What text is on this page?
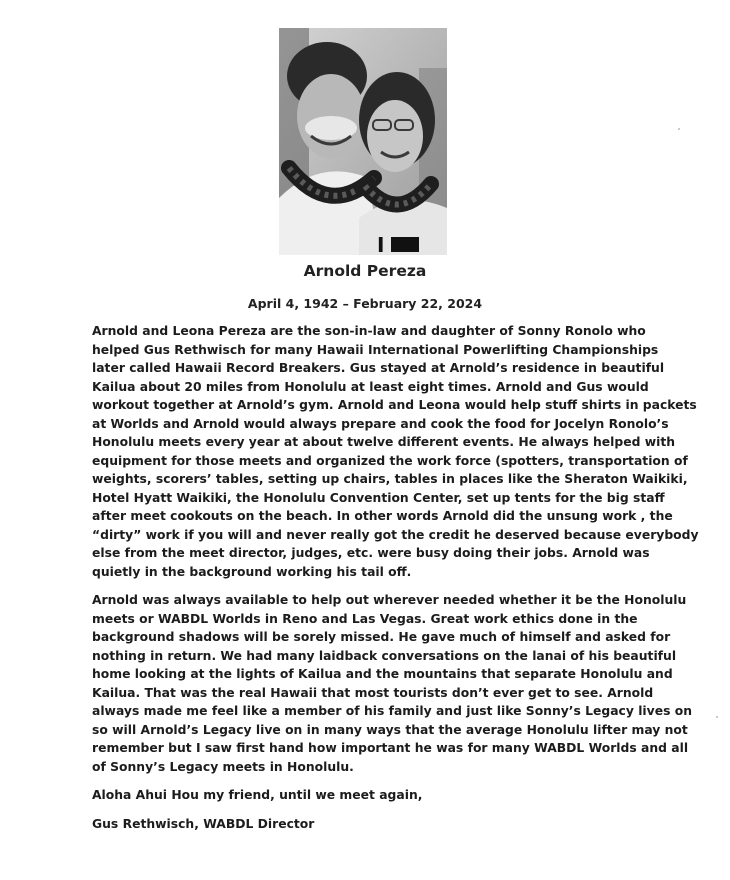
I
Arnold Pereza

April 4, 1942 – February 22, 2024

Arnold and Leona Pereza are the son-in-law and daughter of Sonny Ronolo who
helped Gus Rethwisch for many Hawaii International Powerlifting Championships
later called Hawaii Record Breakers. Gus stayed at Arnold’s residence in beautiful
Kailua about 20 miles from Honolulu at least eight times. Arnold and Gus would
workout together at Arnold’s gym. Arnold and Leona would help stuff shirts in packets
at Worlds and Arnold would always prepare and cook the food for Jocelyn Ronolo’s
Honolulu meets every year at about twelve different events. He always helped with
equipment for those meets and organized the work force (spotters, transportation of
weights, scorers’ tables, setting up chairs, tables in places like the Sheraton Waikiki,
Hotel Hyatt Waikiki, the Honolulu Convention Center, set up tents for the big staff
after meet cookouts on the beach. In other words Arnold did the unsung work , the
“dirty” work if you will and never really got the credit he deserved because everybody
else from the meet director, judges, etc. were busy doing their jobs. Arnold was
quietly in the background working his tail off.

Arnold was always available to help out wherever needed whether it be the Honolulu
meets or WABDL Worlds in Reno and Las Vegas. Great work ethics done in the
background shadows will be sorely missed. He gave much of himself and asked for
nothing in return. We had many laidback conversations on the lanai of his beautiful
home looking at the lights of Kailua and the mountains that separate Honolulu and
Kailua. That was the real Hawaii that most tourists don’t ever get to see. Arnold
always made me feel like a member of his family and just like Sonny’s Legacy lives on
so will Arnold’s Legacy live on in many ways that the average Honolulu lifter may not
remember but I saw first hand how important he was for many WABDL Worlds and all
of Sonny’s Legacy meets in Honolulu.

Aloha Ahui Hou my friend, until we meet again,

Gus Rethwisch, WABDL Director
